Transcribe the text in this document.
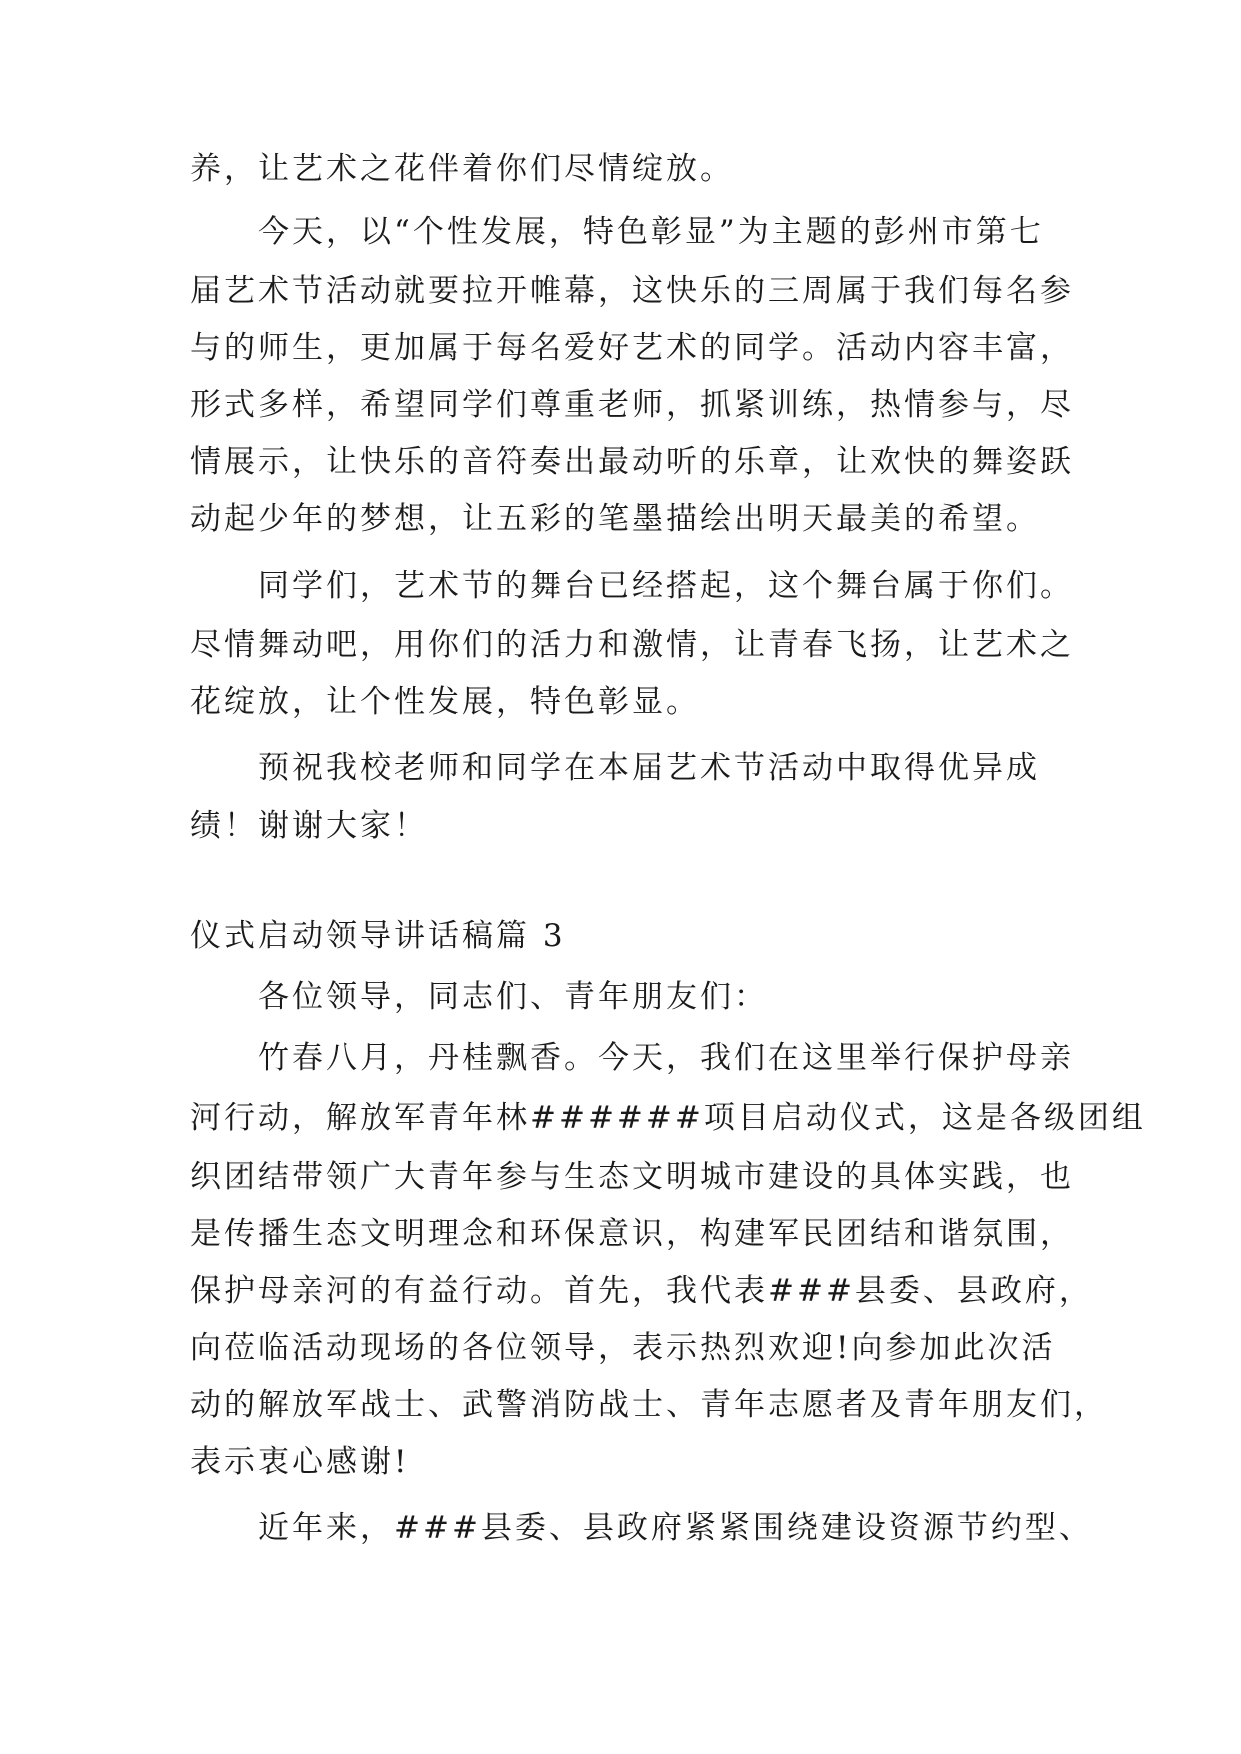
养，让艺术之花伴着你们尽情绽放。
　　今天，以“个性发展，特色彰显”为主题的彭州市第七
届艺术节活动就要拉开帷幕，这快乐的三周属于我们每名参
与的师生，更加属于每名爱好艺术的同学。活动内容丰富，
形式多样，希望同学们尊重老师，抓紧训练，热情参与，尽
情展示，让快乐的音符奏出最动听的乐章，让欢快的舞姿跃
动起少年的梦想，让五彩的笔墨描绘出明天最美的希望。
　　同学们，艺术节的舞台已经搭起，这个舞台属于你们。
尽情舞动吧，用你们的活力和激情，让青春飞扬，让艺术之
花绽放，让个性发展，特色彰显。
　　预祝我校老师和同学在本届艺术节活动中取得优异成
绩！谢谢大家！
仪式启动领导讲话稿篇 3
　　各位领导，同志们、青年朋友们：
　　竹春八月，丹桂飘香。今天，我们在这里举行保护母亲
河行动，解放军青年林######项目启动仪式，这是各级团组
织团结带领广大青年参与生态文明城市建设的具体实践，也
是传播生态文明理念和环保意识，构建军民团结和谐氛围，
保护母亲河的有益行动。首先，我代表###县委、县政府，
向莅临活动现场的各位领导，表示热烈欢迎!向参加此次活
动的解放军战士、武警消防战士、青年志愿者及青年朋友们，
表示衷心感谢!
　　近年来，###县委、县政府紧紧围绕建设资源节约型、
